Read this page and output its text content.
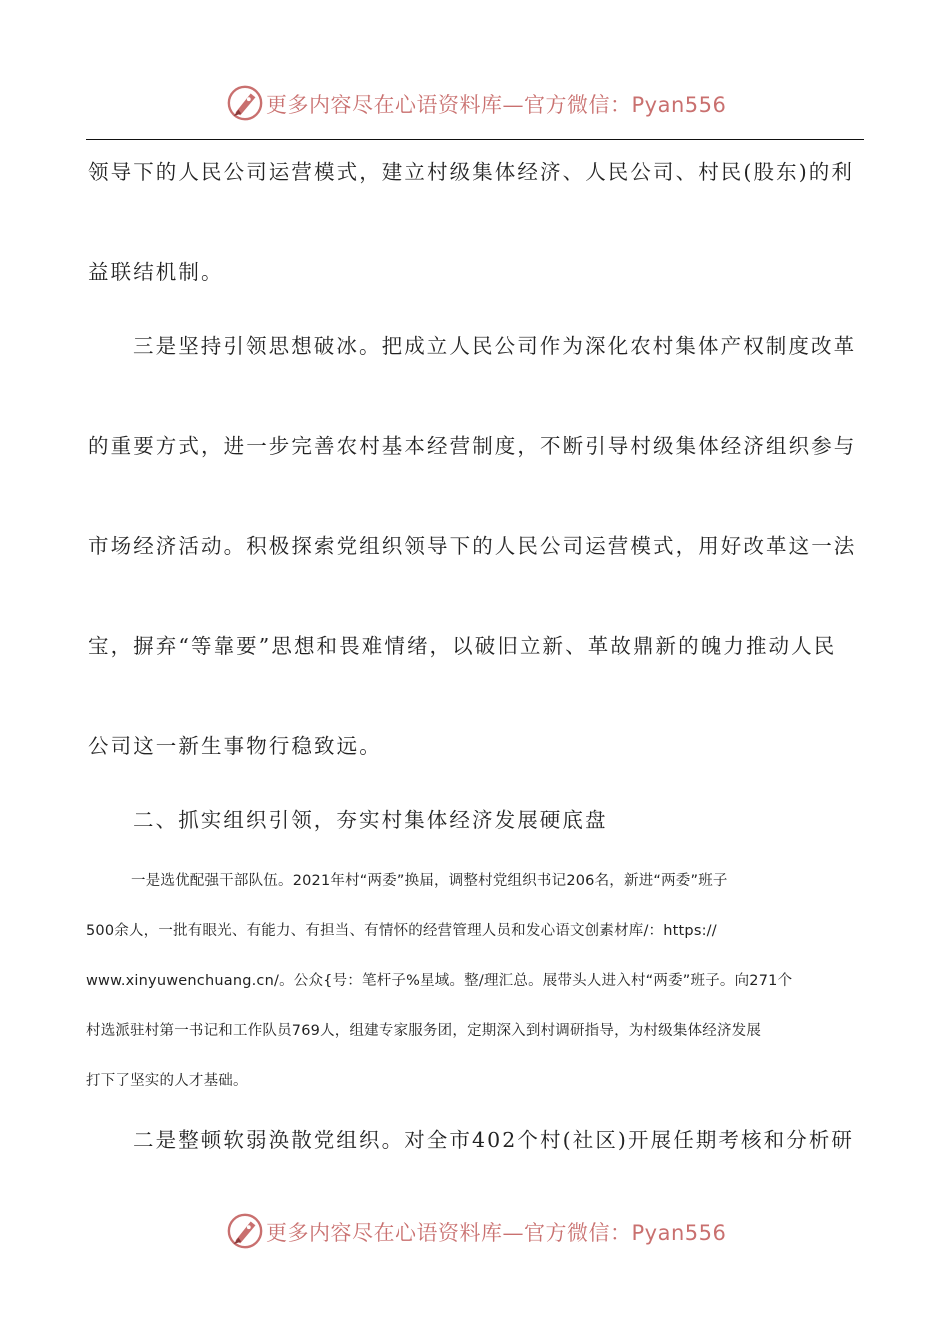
更多内容尽在心语资料库—官方微信：Pyan556
领导下的人民公司运营模式，建立村级集体经济、人民公司、村民(股东)的利
益联结机制。
三是坚持引领思想破冰。把成立人民公司作为深化农村集体产权制度改革
的重要方式，进一步完善农村基本经营制度，不断引导村级集体经济组织参与
市场经济活动。积极探索党组织领导下的人民公司运营模式，用好改革这一法
宝，摒弃“等靠要”思想和畏难情绪，以破旧立新、革故鼎新的魄力推动人民
公司这一新生事物行稳致远。
二、抓实组织引领，夯实村集体经济发展硬底盘
一是选优配强干部队伍。2021年村“两委”换届，调整村党组织书记206名，新进“两委”班子
500余人，一批有眼光、有能力、有担当、有情怀的经营管理人员和发心语文创素材库/：https://
www.xinyuwenchuang.cn/。公众{号：笔杆子%星域。整/理汇总。展带头人进入村“两委”班子。向271个
村选派驻村第一书记和工作队员769人，组建专家服务团，定期深入到村调研指导，为村级集体经济发展
打下了坚实的人才基础。
二是整顿软弱涣散党组织。对全市402个村(社区)开展任期考核和分析研
更多内容尽在心语资料库—官方微信：Pyan556
